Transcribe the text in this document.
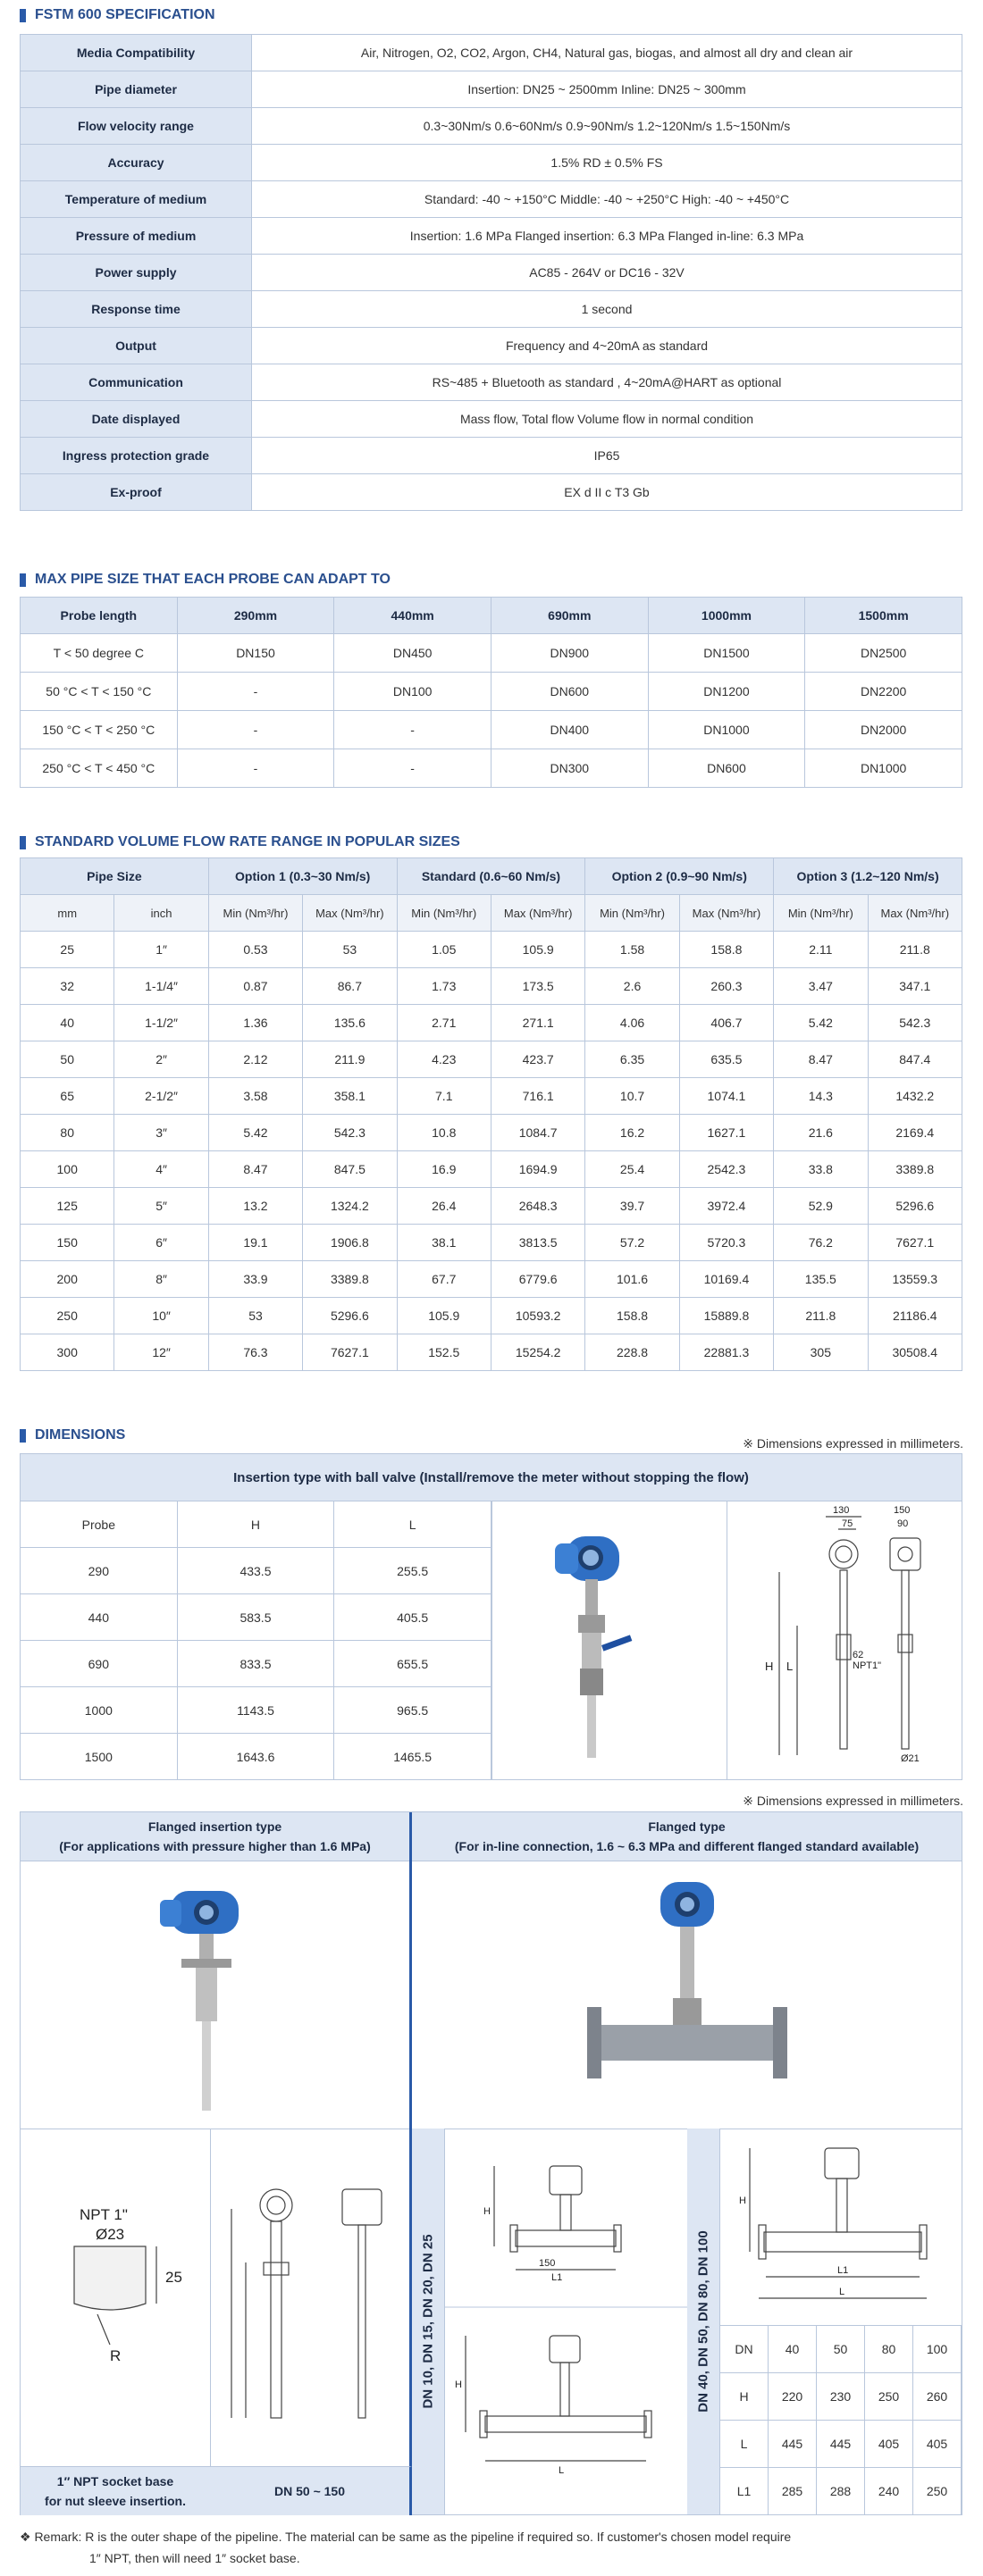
FSTM 600 SPECIFICATION
Media Compatibility	Air, Nitrogen, O2, CO2, Argon, CH4, Natural gas, biogas, and almost all dry and clean air
Pipe diameter	Insertion: DN25 ~ 2500mm Inline: DN25 ~ 300mm
Flow velocity range	0.3~30Nm/s 0.6~60Nm/s 0.9~90Nm/s 1.2~120Nm/s 1.5~150Nm/s
Accuracy	1.5% RD ± 0.5% FS
Temperature of medium	Standard: -40 ~ +150°C Middle: -40 ~ +250°C High: -40 ~ +450°C
Pressure of medium	Insertion: 1.6 MPa Flanged insertion: 6.3 MPa Flanged in-line: 6.3 MPa
Power supply	AC85 - 264V or DC16 - 32V
Response time	1 second
Output	Frequency and 4~20mA as standard
Communication	RS~485 + Bluetooth as standard , 4~20mA@HART as optional
Date displayed	Mass flow, Total flow Volume flow in normal condition
Ingress protection grade	IP65
Ex-proof	EX d II c T3 Gb
MAX PIPE SIZE THAT EACH PROBE CAN ADAPT TO
Probe length	290mm	440mm	690mm	1000mm	1500mm
T < 50 degree C	DN150	DN450	DN900	DN1500	DN2500
50 °C < T < 150 °C	-	DN100	DN600	DN1200	DN2200
150 °C < T < 250 °C	-	-	DN400	DN1000	DN2000
250 °C < T < 450 °C	-	-	DN300	DN600	DN1000
STANDARD VOLUME FLOW RATE RANGE IN POPULAR SIZES
Pipe Size		Option 1 (0.3~30 Nm/s)		Standard (0.6~60 Nm/s)		Option 2 (0.9~90 Nm/s)		Option 3 (1.2~120 Nm/s)	
mm	inch	Min (Nm³/hr)	Max (Nm³/hr)	Min (Nm³/hr)	Max (Nm³/hr)	Min (Nm³/hr)	Max (Nm³/hr)	Min (Nm³/hr)	Max (Nm³/hr)
25	1″	0.53	53	1.05	105.9	1.58	158.8	2.11	211.8
32	1-1/4″	0.87	86.7	1.73	173.5	2.6	260.3	3.47	347.1
40	1-1/2″	1.36	135.6	2.71	271.1	4.06	406.7	5.42	542.3
50	2″	2.12	211.9	4.23	423.7	6.35	635.5	8.47	847.4
65	2-1/2″	3.58	358.1	7.1	716.1	10.7	1074.1	14.3	1432.2
80	3″	5.42	542.3	10.8	1084.7	16.2	1627.1	21.6	2169.4
100	4″	8.47	847.5	16.9	1694.9	25.4	2542.3	33.8	3389.8
125	5″	13.2	1324.2	26.4	2648.3	39.7	3972.4	52.9	5296.6
150	6″	19.1	1906.8	38.1	3813.5	57.2	5720.3	76.2	7627.1
200	8″	33.9	3389.8	67.7	6779.6	101.6	10169.4	135.5	13559.3
250	10″	53	5296.6	105.9	10593.2	158.8	15889.8	211.8	21186.4
300	12″	76.3	7627.1	152.5	15254.2	228.8	22881.3	305	30508.4
DIMENSIONS
※ Dimensions expressed in millimeters.
Insertion type with ball valve (Install/remove the meter without stopping the flow)
Probe	H	L
290	433.5	255.5
440	583.5	405.5
690	833.5	655.5
1000	1143.5	965.5
1500	1643.6	1465.5
130
75
150
90
H L
62
NPT1"
Ø21
※ Dimensions expressed in millimeters.
Flanged insertion type
(For applications with pressure higher than 1.6 MPa)
Flanged type
(For in-line connection, 1.6 ~ 6.3 MPa and different flanged standard available)
NPT 1"
Ø23
25
R
1″ NPT socket base
for nut sleeve insertion.
DN 50 ~ 150
DN 10, DN 15, DN 20, DN 25
H
150
L1
H
L
DN 40, DN 50, DN 80, DN 100
H
L1
L
DN	40	50	80	100
H	220	230	250	260
L	445	445	405	405
L1	285	288	240	250
❖ Remark: R is the outer shape of the pipeline. The material can be same as the pipeline if required so. If customer's chosen model require
1″ NPT, then will need 1″ socket base.
